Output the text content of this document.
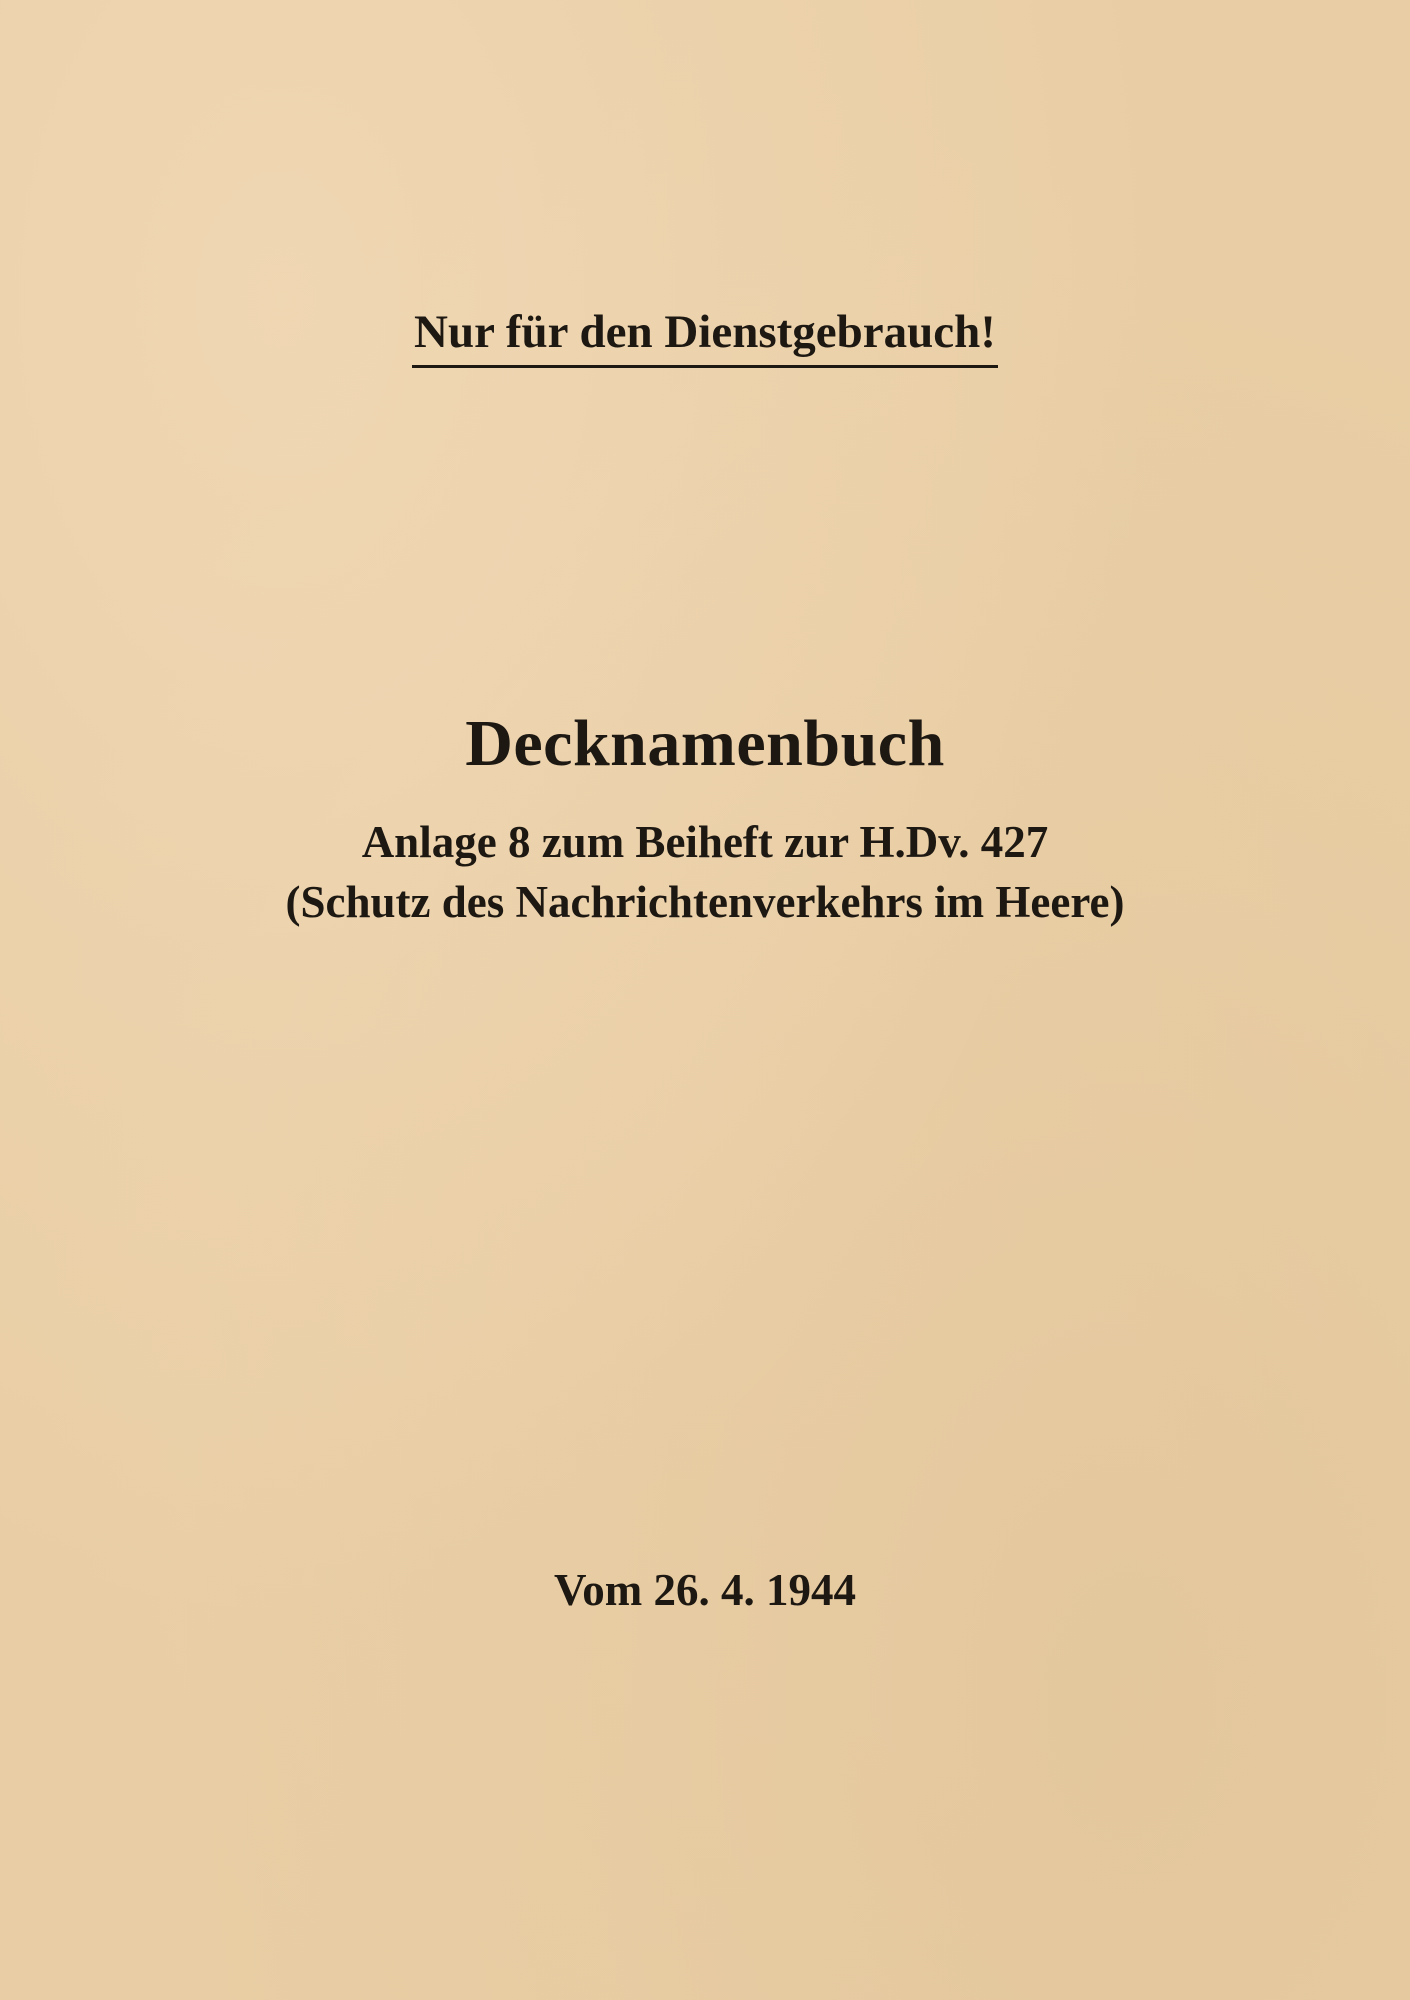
Nur für den Dienstgebrauch!
Decknamenbuch
Anlage 8 zum Beiheft zur H.Dv. 427
(Schutz des Nachrichtenverkehrs im Heere)
Vom 26. 4. 1944
